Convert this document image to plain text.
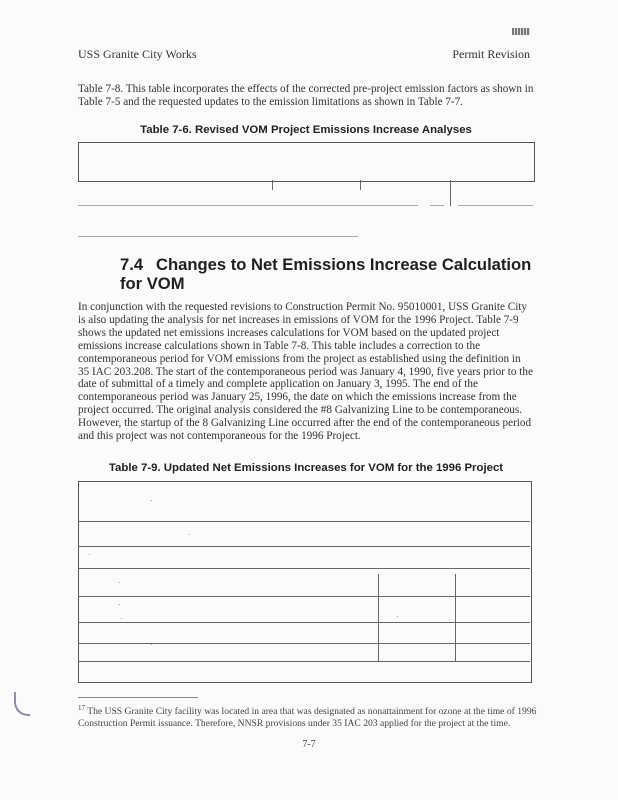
USS Granite City Works	Permit Revision
Table 7-8. This table incorporates the effects of the corrected pre-project emission factors as shown in Table 7-5 and the requested updates to the emission limitations as shown in Table 7-7.
Table 7-6. Revised VOM Project Emissions Increase Analyses
7.4 Changes to Net Emissions Increase Calculation for VOM
In conjunction with the requested revisions to Construction Permit No. 95010001, USS Granite City is also updating the analysis for net increases in emissions of VOM for the 1996 Project. Table 7-9 shows the updated net emissions increases calculations for VOM based on the updated project emissions increase calculations shown in Table 7-8. This table includes a correction to the contemporaneous period for VOM emissions from the project as established using the definition in 35 IAC 203.208. The start of the contemporaneous period was January 4, 1990, five years prior to the date of submittal of a timely and complete application on January 3, 1995. The end of the contemporaneous period was January 25, 1996, the date on which the emissions increase from the project occurred. The original analysis considered the #8 Galvanizing Line to be contemporaneous. However, the startup of the 8 Galvanizing Line occurred after the end of the contemporaneous period and this project was not contemporaneous for the 1996 Project.
Table 7-9. Updated Net Emissions Increases for VOM for the 1996 Project
·
·
·
·
·
·	·
·
$^{17}$ The USS Granite City facility was located in area that was designated as nonattainment for ozone at the time of 1996 Construction Permit issuance. Therefore, NNSR provisions under 35 IAC 203 applied for the project at the time.
7-7
